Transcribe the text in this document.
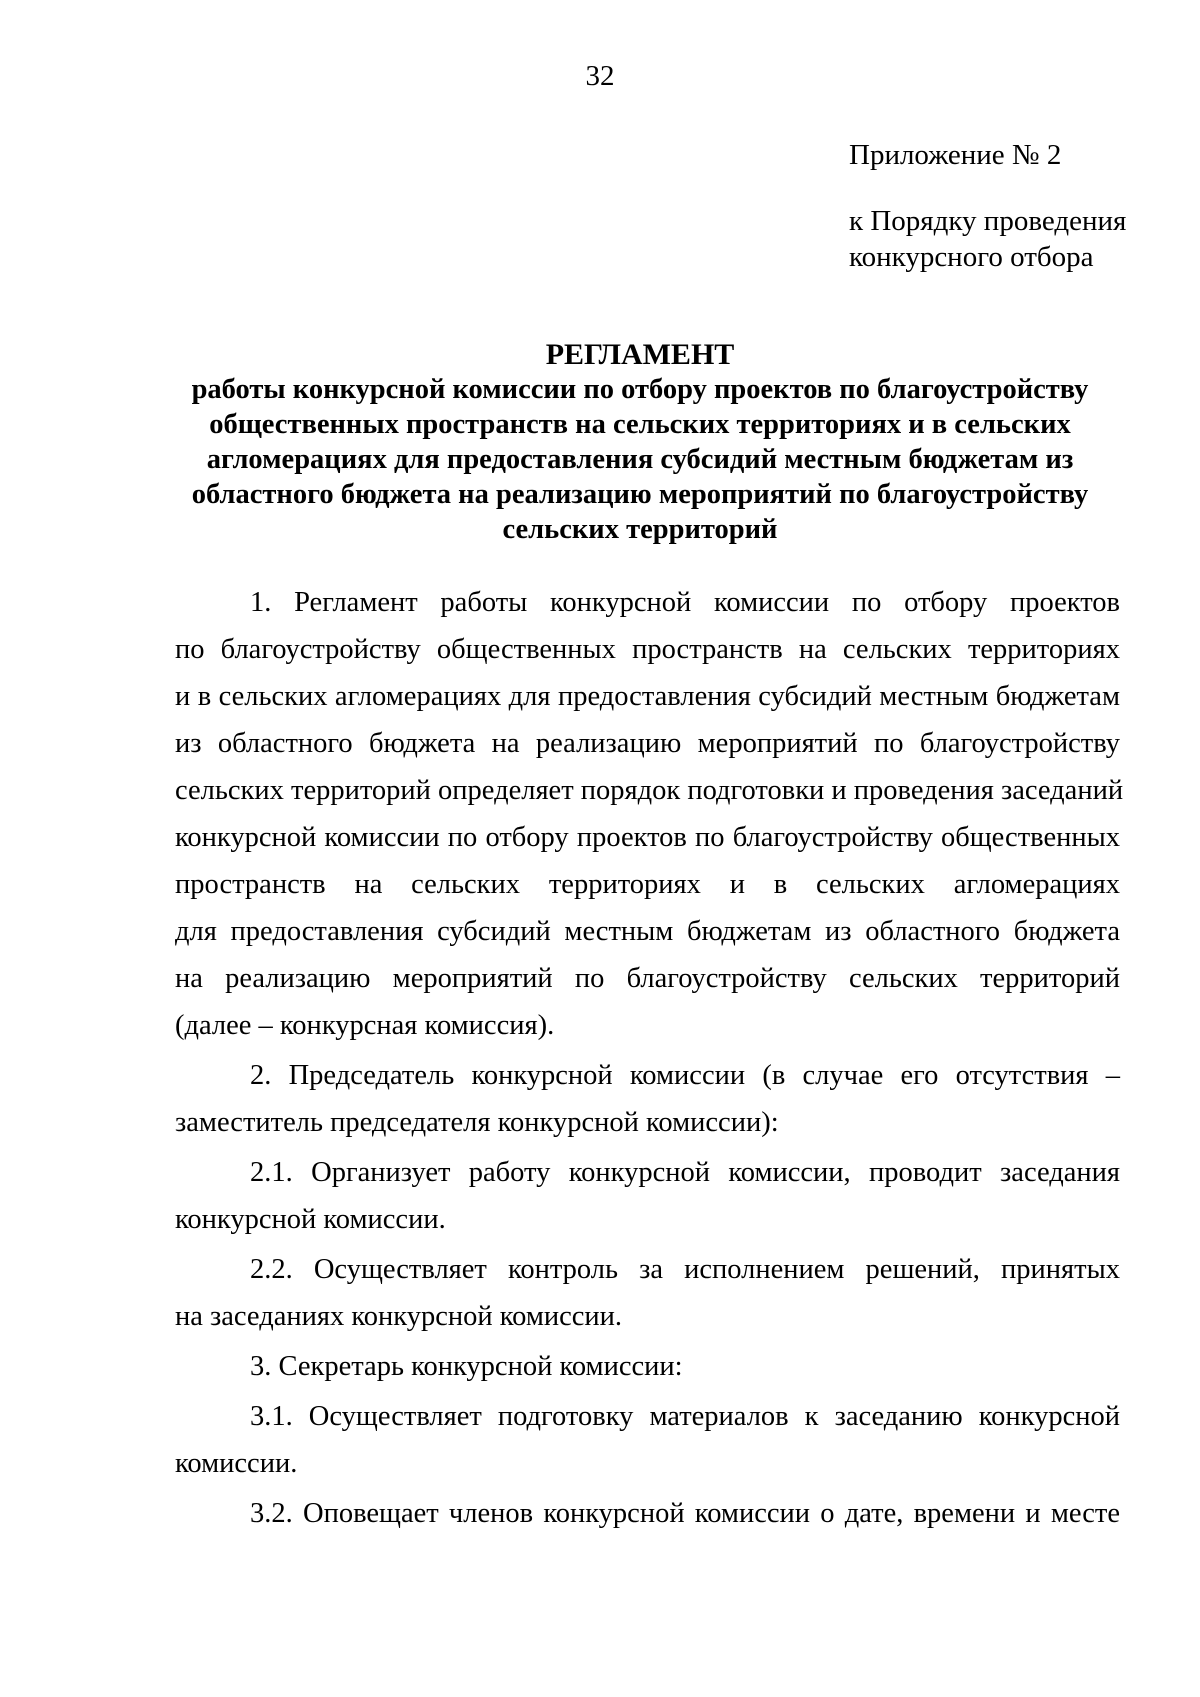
32
Приложение № 2
к Порядку проведения
конкурсного отбора
РЕГЛАМЕНТ
работы конкурсной комиссии по отбору проектов по благоустройству
общественных пространств на сельских территориях и в сельских
агломерациях для предоставления субсидий местным бюджетам из
областного бюджета на реализацию мероприятий по благоустройству
сельских территорий
1. Регламент работы конкурсной комиссии по отбору проектов
по благоустройству общественных пространств на сельских территориях
и в сельских агломерациях для предоставления субсидий местным бюджетам
из областного бюджета на реализацию мероприятий по благоустройству
сельских территорий определяет порядок подготовки и проведения заседаний
конкурсной комиссии по отбору проектов по благоустройству общественных
пространств на сельских территориях и в сельских агломерациях
для предоставления субсидий местным бюджетам из областного бюджета
на реализацию мероприятий по благоустройству сельских территорий
(далее – конкурсная комиссия).
2. Председатель конкурсной комиссии (в случае его отсутствия –
заместитель председателя конкурсной комиссии):
2.1. Организует работу конкурсной комиссии, проводит заседания
конкурсной комиссии.
2.2. Осуществляет контроль за исполнением решений, принятых
на заседаниях конкурсной комиссии.
3. Секретарь конкурсной комиссии:
3.1. Осуществляет подготовку материалов к заседанию конкурсной
комиссии.
3.2. Оповещает членов конкурсной комиссии о дате, времени и месте
